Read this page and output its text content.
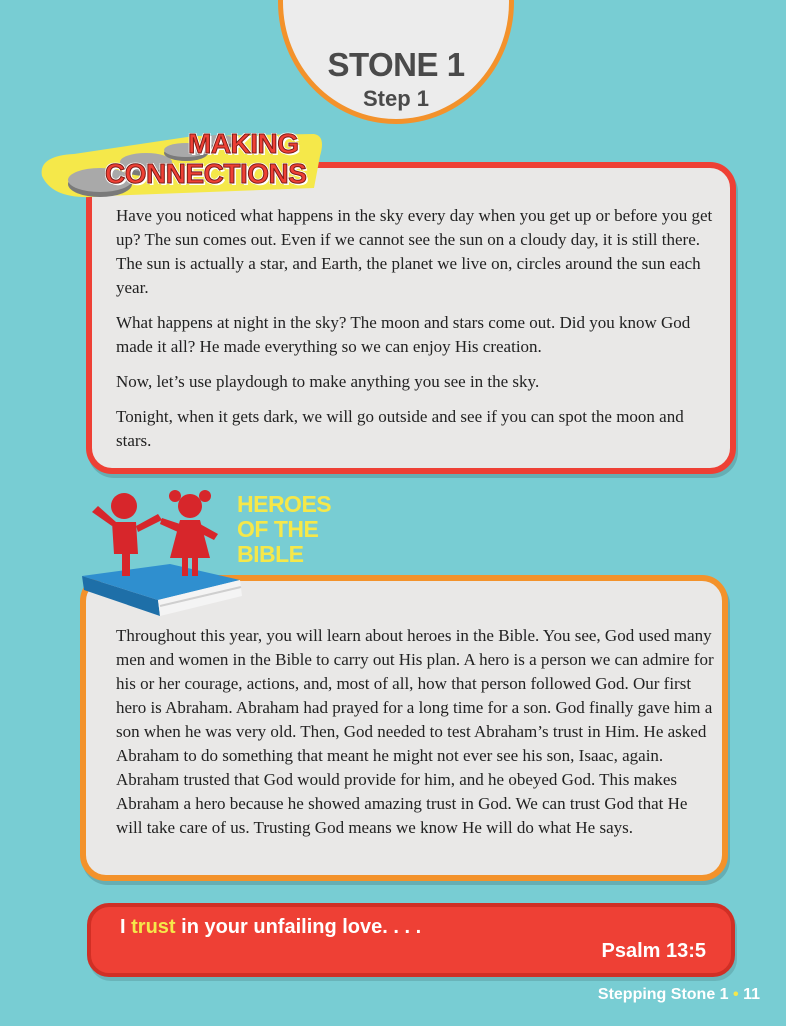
STONE 1
Step 1
MAKING
CONNECTIONS

Have you noticed what happens in the sky every day when you get up or before you get up? The sun comes out. Even if we cannot see the sun on a cloudy day, it is still there. The sun is actually a star, and Earth, the planet we live on, circles around the sun each year.

What happens at night in the sky? The moon and stars come out. Did you know God made it all? He made everything so we can enjoy His creation.

Now, let’s use playdough to make anything you see in the sky.

Tonight, when it gets dark, we will go outside and see if you can spot the moon and stars.

HEROES
OF THE
BIBLE

Throughout this year, you will learn about heroes in the Bible. You see, God used many men and women in the Bible to carry out His plan. A hero is a person we can admire for his or her courage, actions, and, most of all, how that person followed God. Our first hero is Abraham. Abraham had prayed for a long time for a son. God finally gave him a son when he was very old. Then, God needed to test Abraham’s trust in Him. He asked Abraham to do something that meant he might not ever see his son, Isaac, again. Abraham trusted that God would provide for him, and he obeyed God. This makes Abraham a hero because he showed amazing trust in God. We can trust God that He will take care of us. Trusting God means we know He will do what He says.

I trust in your unfailing love. . . .
Psalm 13:5
Stepping Stone 1 • 11
